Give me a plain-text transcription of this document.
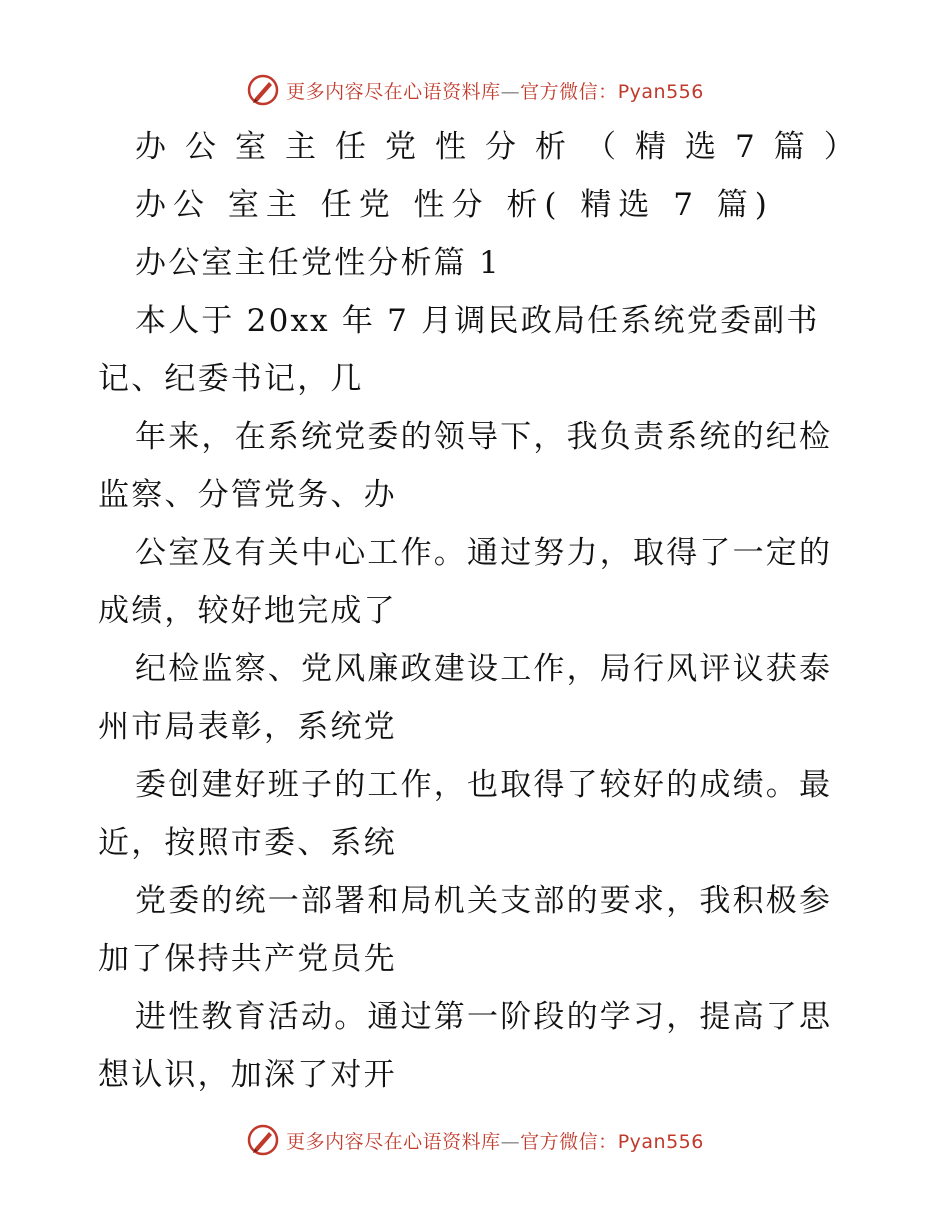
更多内容尽在心语资料库—官方微信：Pyan556
办公室主任党性分析（精选7篇）
办公 室主 任党 性分 析( 精选 7 篇)
办公室主任党性分析篇 1
本人于 20xx 年 7 月调民政局任系统党委副书
记、纪委书记，几
年来，在系统党委的领导下，我负责系统的纪检
监察、分管党务、办
公室及有关中心工作。通过努力，取得了一定的
成绩，较好地完成了
纪检监察、党风廉政建设工作，局行风评议获泰
州市局表彰，系统党
委创建好班子的工作，也取得了较好的成绩。最
近，按照市委、系统
党委的统一部署和局机关支部的要求，我积极参
加了保持共产党员先
进性教育活动。通过第一阶段的学习，提高了思
想认识，加深了对开
更多内容尽在心语资料库—官方微信：Pyan556
